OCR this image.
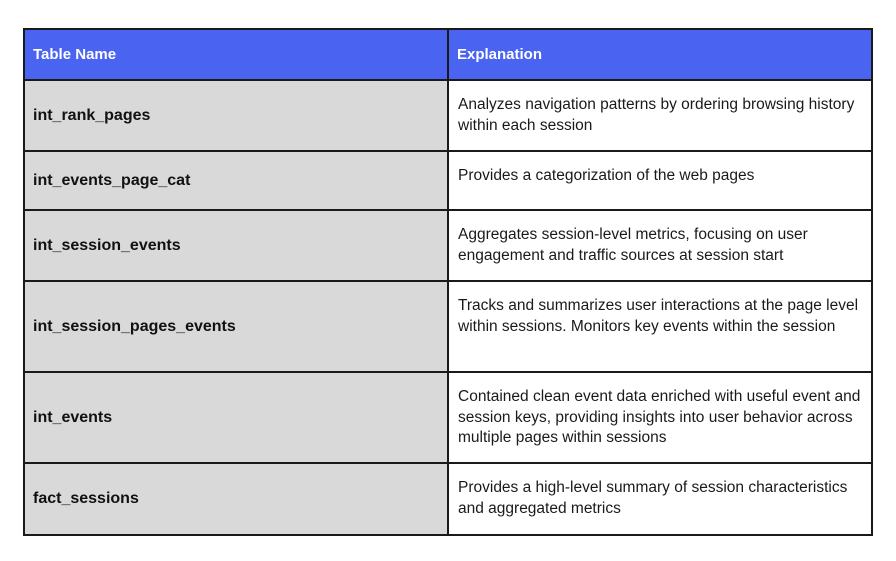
Table Name	Explanation
int_rank_pages	Analyzes navigation patterns by ordering browsing history within each session

int_events_page_cat	Provides a categorization of the web pages

int_session_events	Aggregates session-level metrics, focusing on user engagement and traffic sources at session start

int_session_pages_events	Tracks and summarizes user interactions at the page level within sessions. Monitors key events within the session

int_events	Contained clean event data enriched with useful event and session keys, providing insights into user behavior across multiple pages within sessions

fact_sessions	Provides a high-level summary of session characteristics and aggregated metrics
